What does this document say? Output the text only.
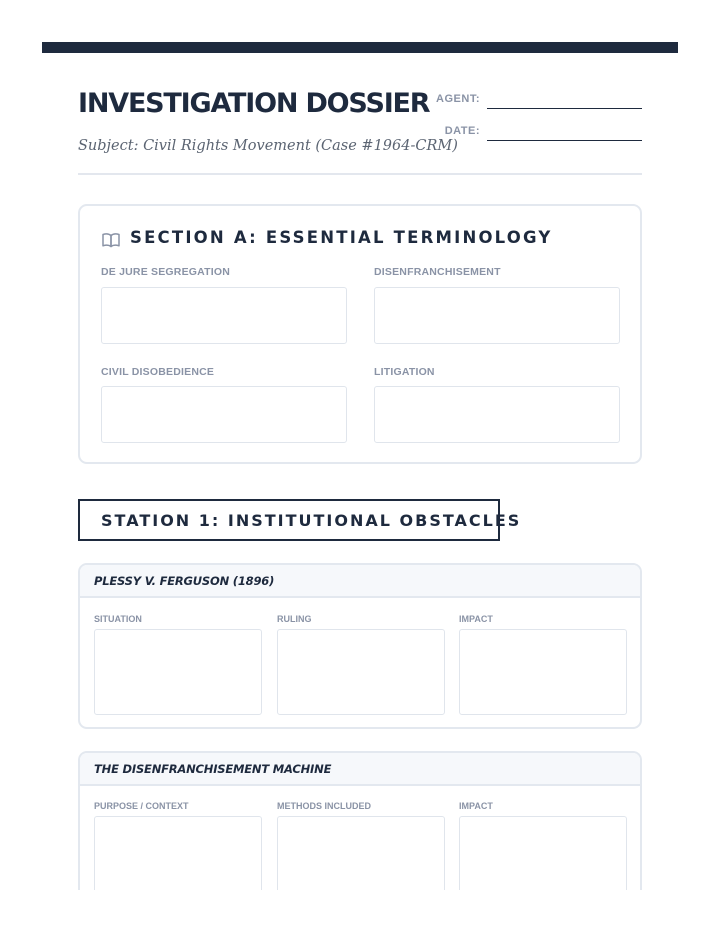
INVESTIGATION DOSSIER
Subject: Civil Rights Movement (Case #1964-CRM)
AGENT:
DATE:
SECTION A: ESSENTIAL TERMINOLOGY
DE JURE SEGREGATION	DISENFRANCHISEMENT
CIVIL DISOBEDIENCE	LITIGATION
STATION 1: INSTITUTIONAL OBSTACLES
PLESSY V. FERGUSON (1896)
SITUATION	RULING	IMPACT
THE DISENFRANCHISEMENT MACHINE
PURPOSE / CONTEXT	METHODS INCLUDED	IMPACT
